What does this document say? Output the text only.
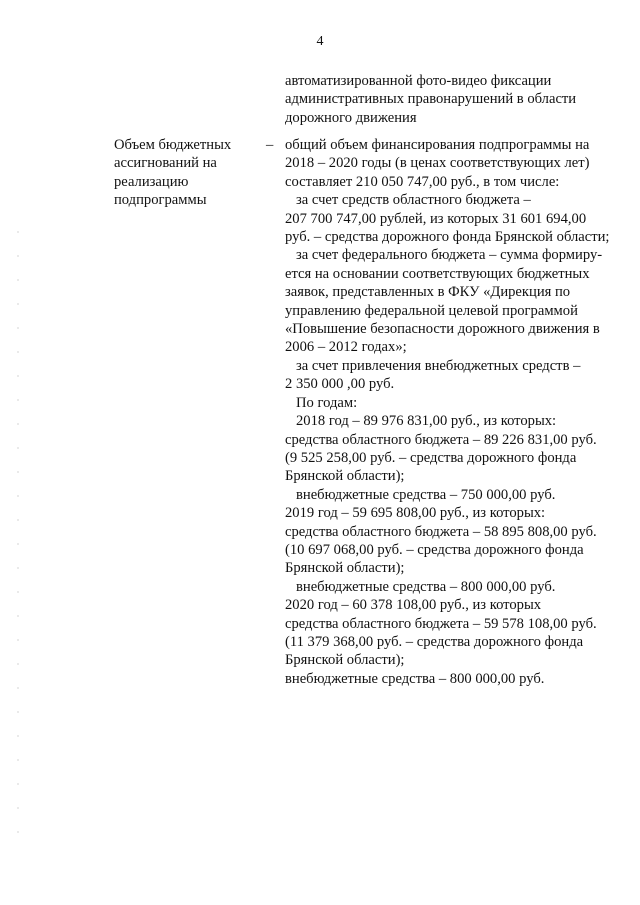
4
автоматизированной фото-видео фиксации
административных правонарушений в области
дорожного движения
Объем бюджетных
ассигнований на
реализацию
подпрограммы
– общий объем финансирования подпрограммы на
2018 – 2020 годы (в ценах соответствующих лет)
составляет 210 050 747,00 руб., в том числе:
за счет средств областного бюджета –
207 700 747,00 рублей, из которых 31 601 694,00
руб. – средства дорожного фонда Брянской области;
за счет федерального бюджета – сумма формиру-
ется на основании соответствующих бюджетных
заявок, представленных в ФКУ «Дирекция по
управлению федеральной целевой программой
«Повышение безопасности дорожного движения в
2006 – 2012 годах»;
за счет привлечения внебюджетных средств –
2 350 000 ,00 руб.
По годам:
2018 год – 89 976 831,00 руб., из которых:
средства областного бюджета – 89 226 831,00 руб.
(9 525 258,00 руб. – средства дорожного фонда
Брянской области);
внебюджетные средства – 750 000,00 руб.
2019 год – 59 695 808,00 руб., из которых:
средства областного бюджета – 58 895 808,00 руб.
(10 697 068,00 руб. – средства дорожного фонда
Брянской области);
внебюджетные средства – 800 000,00 руб.
2020 год – 60 378 108,00 руб., из которых
средства областного бюджета – 59 578 108,00 руб.
(11 379 368,00 руб. – средства дорожного фонда
Брянской области);
внебюджетные средства – 800 000,00 руб.
